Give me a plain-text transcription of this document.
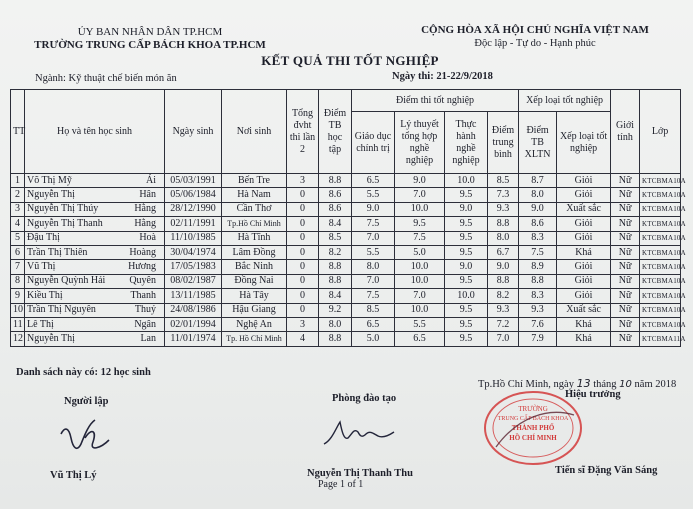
ỦY BAN NHÂN DÂN TP.HCM
TRƯỜNG TRUNG CẤP BÁCH KHOA TP.HCM
CỘNG HÒA XÃ HỘI CHỦ NGHĨA VIỆT NAM
Độc lập - Tự do - Hạnh phúc
KẾT QUẢ THI TỐT NGHIỆP
Ngành: Kỹ thuật chế biến món ăn	Ngày thi: 21-22/9/2018
TT	Họ và tên học sinh	Ngày sinh	Nơi sinh	Tổng đvht thi lần 2	Điểm TB học tập	Điểm thi tốt nghiệp				Xếp loại tốt nghiệp		Giới tính	Lớp
						Giáo dục chính trị	Lý thuyết tổng hợp nghề nghiệp	Thực hành nghề nghiệp	Điểm trung bình	Điểm TB XLTN	Xếp loại tốt nghiệp		
1	Võ Thị Mỹ Ái	05/03/1991	Bến Tre	3	8.8	6.5	9.0	10.0	8.5	8.7	Giỏi	Nữ	KTCBMA10A
2	Nguyễn Thị Hân	05/06/1984	Hà Nam	0	8.6	5.5	7.0	9.5	7.3	8.0	Giỏi	Nữ	KTCBMA10A
3	Nguyễn Thị Thúy Hằng	28/12/1990	Cần Thơ	0	8.6	9.0	10.0	9.0	9.3	9.0	Xuất sắc	Nữ	KTCBMA10A
4	Nguyễn Thị Thanh Hằng	02/11/1991	Tp.Hồ Chí Minh	0	8.4	7.5	9.5	9.5	8.8	8.6	Giỏi	Nữ	KTCBMA10A
5	Đậu Thị Hoà	11/10/1985	Hà Tĩnh	0	8.5	7.0	7.5	9.5	8.0	8.3	Giỏi	Nữ	KTCBMA10A
6	Trần Thị Thiên Hoàng	30/04/1974	Lâm Đồng	0	8.2	5.5	5.0	9.5	6.7	7.5	Khá	Nữ	KTCBMA10A
7	Vũ Thị Hương	17/05/1983	Bắc Ninh	0	8.8	8.0	10.0	9.0	9.0	8.9	Giỏi	Nữ	KTCBMA10A
8	Nguyễn Quỳnh Hải Quyên	08/02/1987	Đồng Nai	0	8.8	7.0	10.0	9.5	8.8	8.8	Giỏi	Nữ	KTCBMA10A
9	Kiều Thị Thanh	13/11/1985	Hà Tây	0	8.4	7.5	7.0	10.0	8.2	8.3	Giỏi	Nữ	KTCBMA10A
10	Trần Thị Nguyên Thuỷ	24/08/1986	Hậu Giang	0	9.2	8.5	10.0	9.5	9.3	9.3	Xuất sắc	Nữ	KTCBMA10A
11	Lê Thị Ngân	02/01/1994	Nghệ An	3	8.0	6.5	5.5	9.5	7.2	7.6	Khá	Nữ	KTCBMA10A
12	Nguyễn Thị Lan	11/01/1974	Tp. Hồ Chí Minh	4	8.8	5.0	6.5	9.5	7.0	7.9	Khá	Nữ	KTCBMA11A
Danh sách này có: 12 học sinh
Tp.Hồ Chí Minh, ngày 13 tháng 10 năm 2018
Người lập	Phòng đào tạo	Hiệu trưởng
Vũ Thị Lý	Nguyễn Thị Thanh Thu	Tiến sĩ Đặng Văn Sáng
TRƯỜNG
TRUNG CẤP BÁCH KHOA
THÀNH PHỐ
HỒ CHÍ MINH
Page 1 of 1
